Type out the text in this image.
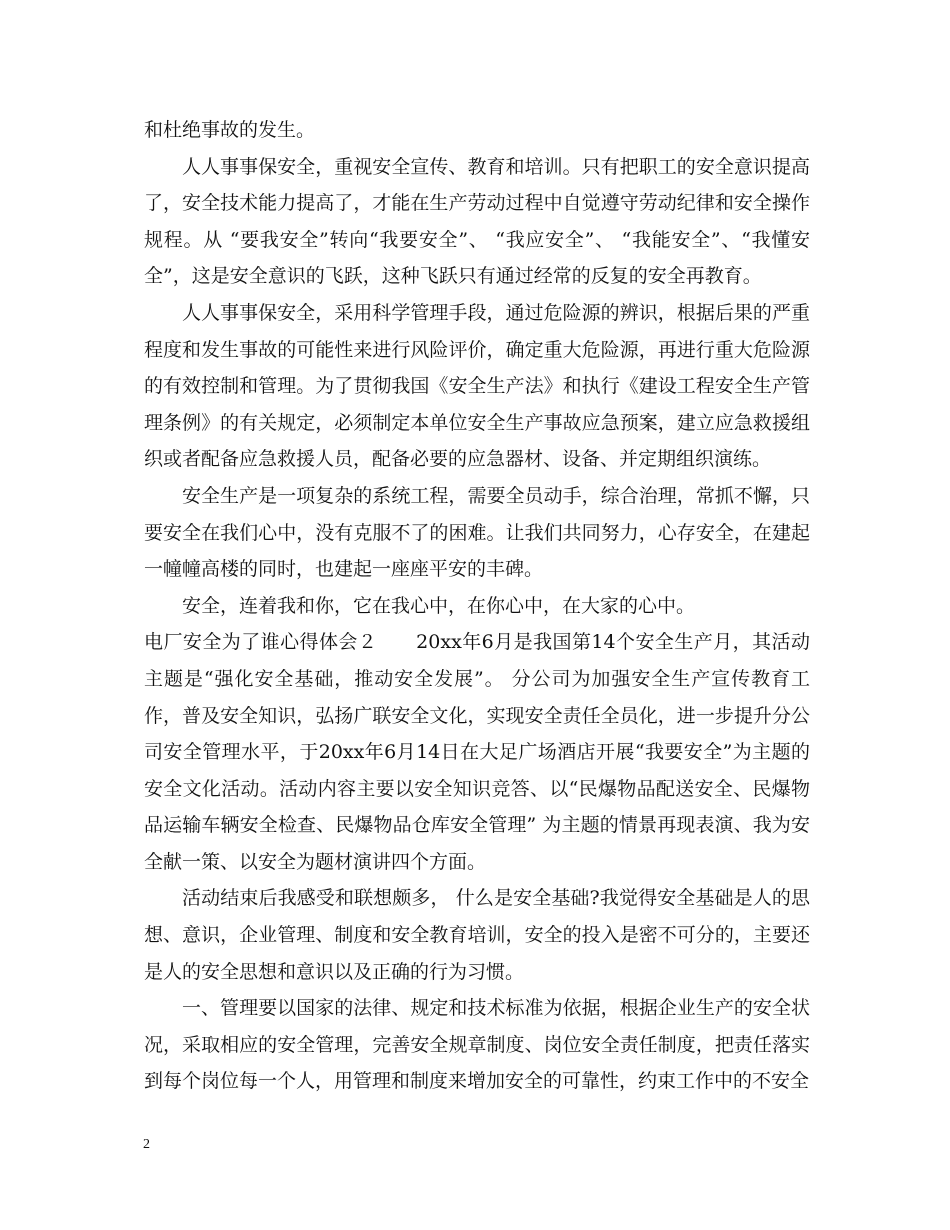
和杜绝事故的发生。

人人事事保安全，重视安全宣传、教育和培训。只有把职工的安全意识提高了，安全技术能力提高了，才能在生产劳动过程中自觉遵守劳动纪律和安全操作规程。从 “要我安全”转向“我要安全”、 “我应安全”、 “我能安全”、“我懂安全”，这是安全意识的飞跃，这种飞跃只有通过经常的反复的安全再教育。

人人事事保安全，采用科学管理手段，通过危险源的辨识，根据后果的严重程度和发生事故的可能性来进行风险评价，确定重大危险源，再进行重大危险源的有效控制和管理。为了贯彻我国《安全生产法》和执行《建设工程安全生产管理条例》的有关规定，必须制定本单位安全生产事故应急预案，建立应急救援组织或者配备应急救援人员，配备必要的应急器材、设备、并定期组织演练。

安全生产是一项复杂的系统工程，需要全员动手，综合治理，常抓不懈，只要安全在我们心中，没有克服不了的困难。让我们共同努力，心存安全，在建起一幢幢高楼的同时，也建起一座座平安的丰碑。

安全，连着我和你，它在我心中，在你心中，在大家的心中。

电厂安全为了谁心得体会２　　20xx年6月是我国第14个安全生产月，其活动主题是“强化安全基础，推动安全发展”。 分公司为加强安全生产宣传教育工作，普及安全知识，弘扬广联安全文化，实现安全责任全员化，进一步提升分公司安全管理水平，于20xx年6月14日在大足广场酒店开展“我要安全”为主题的安全文化活动。活动内容主要以安全知识竞答、以“民爆物品配送安全、民爆物品运输车辆安全检查、民爆物品仓库安全管理” 为主题的情景再现表演、我为安全献一策、以安全为题材演讲四个方面。

活动结束后我感受和联想颇多， 什么是安全基础?我觉得安全基础是人的思想、意识，企业管理、制度和安全教育培训，安全的投入是密不可分的，主要还是人的安全思想和意识以及正确的行为习惯。

一、管理要以国家的法律、规定和技术标准为依据，根据企业生产的安全状况，采取相应的安全管理，完善安全规章制度、岗位安全责任制度，把责任落实到每个岗位每一个人，用管理和制度来增加安全的可靠性，约束工作中的不安全

2
